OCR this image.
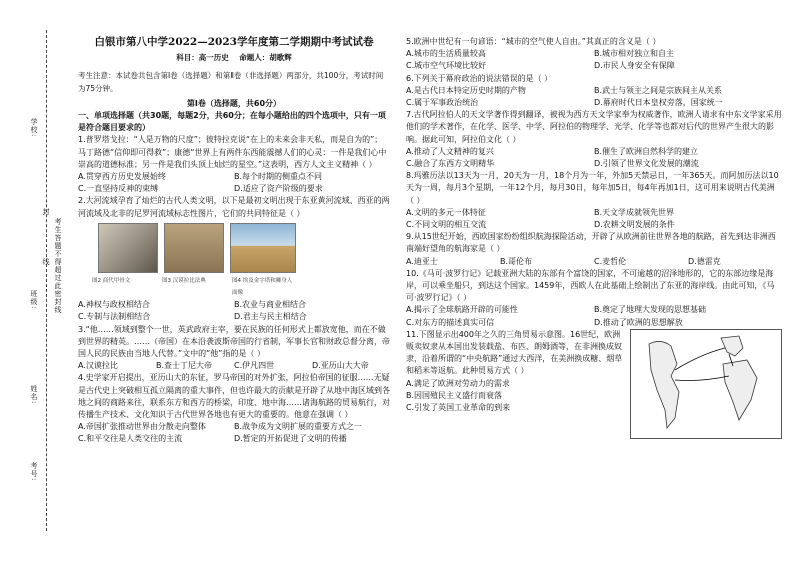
学校:
班级:
姓名:
考号:
封
线 考生答题不得超过此密封线
白银市第八中学2022—2023学年度第二学期期中考试试卷
科目：高一历史 命题人：胡歌辉
考生注意：本试卷共包含第Ⅰ卷（选择题）和第Ⅱ卷（非选择题）两部分，共100分，考试时间为75分钟。
第Ⅰ卷（选择题，共60分）
一、单项选择题（共30题，每题2分，共60分；在每小题给出的四个选项中，只有一项是符合题目要求的）
1.普罗塔戈拉：“人是万物的尺度”；彼特拉克说“在上的未来会非天私，而是自为的”；马丁路德“信仰即可得救”；康德“世界上有两件东西能震撼人们的心灵：一件是我们心中崇高的道德标准；另一件是我们头顶上灿烂的星空。”这表明，西方人文主义精神（ ）
A.贯穿西方历史发展始终	B.每个时期的侧重点不同
C.一直坚持反神的束缚	D.适应了资产阶级的要求
2.大河流域孕育了灿烂的古代人类文明，以下是最初文明出现于东亚黄河流域、西亚的两河流域及北非的尼罗河流域标志性图片，它们的共同特征是（ ）
图2 商代甲骨文	图3 汉谟拉比法典	图4 埃及金字塔和狮身人面像
A.神权与政权相结合	B.农业与商业相结合
C.专制与法制相结合	D.君主与民主相结合
3.“他……领域到整个一世，英武政府主宰，要在民族的任何形式上都放宽他，而在不做到世界的精英。……（帝国）在本沿袭波斯帝国的行省制，军事长官和财政总督分离，帝国人民的民族由当地人代替。”文中的“他”指的是（ ）
A.汉谟拉比	B.查士丁尼大帝	C.伊凡四世	D.亚历山大大帝
4.史学家开启提出，亚历山大的东征，罗马帝国的对外扩张，阿拉伯帝国的征服……无疑是古代史上突破相互孤立隔离的重大事件，但也许最大的贡献是开辟了从地中海区域到各地之间的商路来往，联系东方和西方的桥梁，印度、地中海……诸海航路的贸易航行，对传播生产技术、文化知识于古代世界各地也有更大的重要的。他意在强调（ ）
A.帝国扩张推动世界由分散走向整体	B.战争成为文明扩展的重要方式之一
C.和平交往是人类交往的主流	D.暂定的开拓促进了文明的传播
5.欧洲中世纪有一句谚语：“城市的空气使人自由。”其真正的含义是（ ）
A.城市的生活质量较高	B.城市相对独立和自主
C.城市空气环境比较好	D.市民人身安全有保障
6.下列关于幕府政治的说法错误的是（ ）
A.是古代日本特定历史时期的产物	B.武士与领主之间是宗族间主从关系
C.属于军事政治统治	D.幕府时代日本皇权旁落，国家统一
7.古代阿拉伯人的天文学著作得到翻译，被视为西方天文学家奉为权威著作，欧洲人请求有中东文学家采用他们的学术著作，在化学、医学、中学、阿拉伯的物理学、光学、化学等也都对后代的世界产生很大的影响。据此可知，阿拉伯文化（ ）
A.推动了人文精神的复兴	B.催生了欧洲自然科学的建立
C.融合了东西方文明精华	D.引领了世界文化发展的潮流
8.玛雅历法以13天为一月，20天为一月，18个月为一年，外加5天禁忌日，一年365天。而阿加历法以10天为一周，每月3个星期，一年12个月，每月30日，每年加5日，每4年再加1日，这可用来说明古代美洲（ ）
A.文明的多元一体特征	B.天文学成就领先世界
C.不同文明的相互交流	D.农耕文明发展的条件
9.从15世纪开始，西欧国家纷纷组织航海探险活动，开辟了从欧洲前往世界各地的航路，首先到达非洲西南端好望角的航海家是（ ）
A.迪亚士	B.哥伦布	C.麦哲伦	D.德雷克
10.《马可·波罗行记》记载亚洲大陆的东部有个富饶的国家，不可逾越的沼泽地形的，它的东部边缘是海岸，可以乘坐船只，到达这个国家。1459年，西欧人在此基础上绘制出了东亚的海岸线。由此可知，《马可·波罗行记》（ ）
A.揭示了全球航路开辟的可能性	B.奠定了地理大发现的思想基础
C.对东方的描述真实可信	D.推动了欧洲的思想解放
11.下图显示出400年之久的三角贸易示意图。16世纪，欧洲贩卖奴隶从本国出发装载盐、布匹、朗姆酒等，在非洲换成奴隶，沿着所谓的“中央航路”通过大西洋，在美洲换成糖、烟草和稻米等返航。此种贸易方式（ ）
A.满足了欧洲对劳动力的需求
B.因国殖民主义盛行而衰落
C.引发了英国工业革命的到来
